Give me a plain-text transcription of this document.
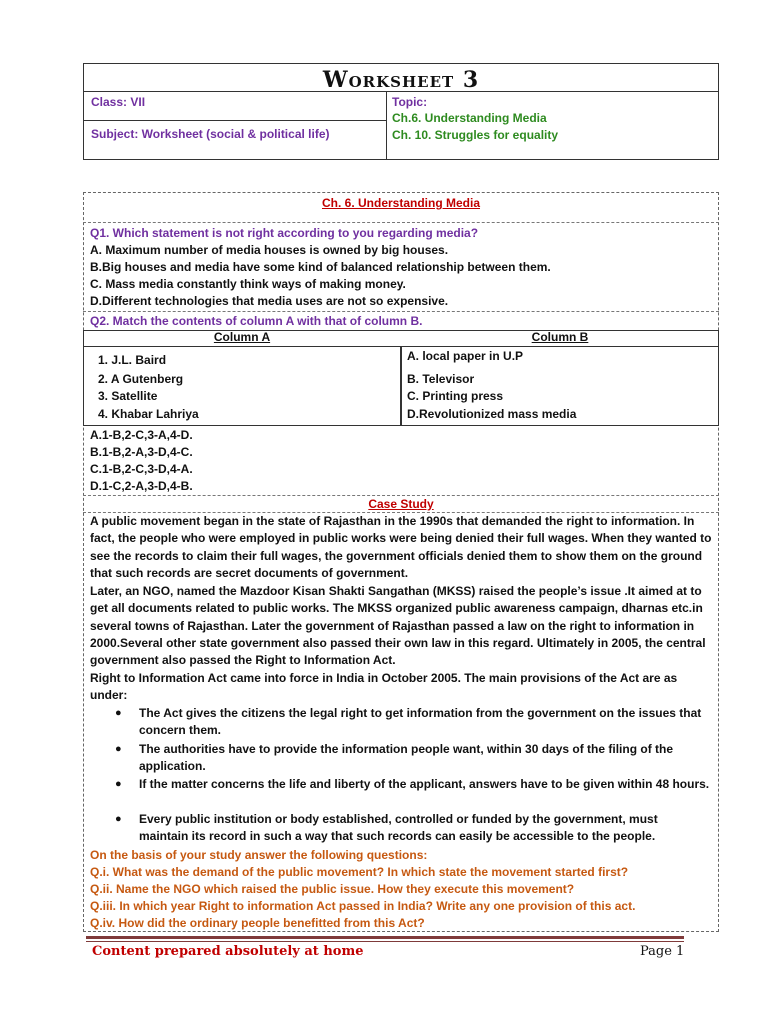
Worksheet 3
Class: VII
Subject: Worksheet (social & political life)
Topic:
Ch.6. Understanding Media
Ch. 10. Struggles for equality
Ch. 6. Understanding Media
Q1. Which statement is not right according to you regarding media?
A. Maximum number of media houses is owned by big houses.
B.Big houses and media have some kind of balanced relationship between them.
C. Mass media constantly think ways of making money.
D.Different technologies that media uses are not so expensive.
Q2. Match the contents of column A with that of column B.
Column A	Column B
1. J.L. Baird
2. A Gutenberg
3. Satellite
4. Khabar Lahriya
A. local paper in U.P
B. Televisor
C. Printing press
D.Revolutionized mass media
A.1-B,2-C,3-A,4-D.
B.1-B,2-A,3-D,4-C.
C.1-B,2-C,3-D,4-A.
D.1-C,2-A,3-D,4-B.
Case Study
A public movement began in the state of Rajasthan in the 1990s that demanded the right to information. In fact, the people who were employed in public works were being denied their full wages. When they wanted to see the records to claim their full wages, the government officials denied them to show them on the ground that such records are secret documents of government.
Later, an NGO, named the Mazdoor Kisan Shakti Sangathan (MKSS) raised the people’s issue .It aimed at to get all documents related to public works. The MKSS organized public awareness campaign, dharnas etc.in several towns of Rajasthan. Later the government of Rajasthan passed a law on the right to information in 2000.Several other state government also passed their own law in this regard. Ultimately in 2005, the central government also passed the Right to Information Act.
Right to Information Act came into force in India in October 2005. The main provisions of the Act are as under:
● The Act gives the citizens the legal right to get information from the government on the issues that concern them.
● The authorities have to provide the information people want, within 30 days of the filing of the application.
● If the matter concerns the life and liberty of the applicant, answers have to be given within 48 hours.
● Every public institution or body established, controlled or funded by the government, must maintain its record in such a way that such records can easily be accessible to the people.
On the basis of your study answer the following questions:
Q.i. What was the demand of the public movement? In which state the movement started first?
Q.ii. Name the NGO which raised the public issue. How they execute this movement?
Q.iii. In which year Right to information Act passed in India? Write any one provision of this act.
Q.iv. How did the ordinary people benefitted from this Act?
Content prepared absolutely at home	Page 1
